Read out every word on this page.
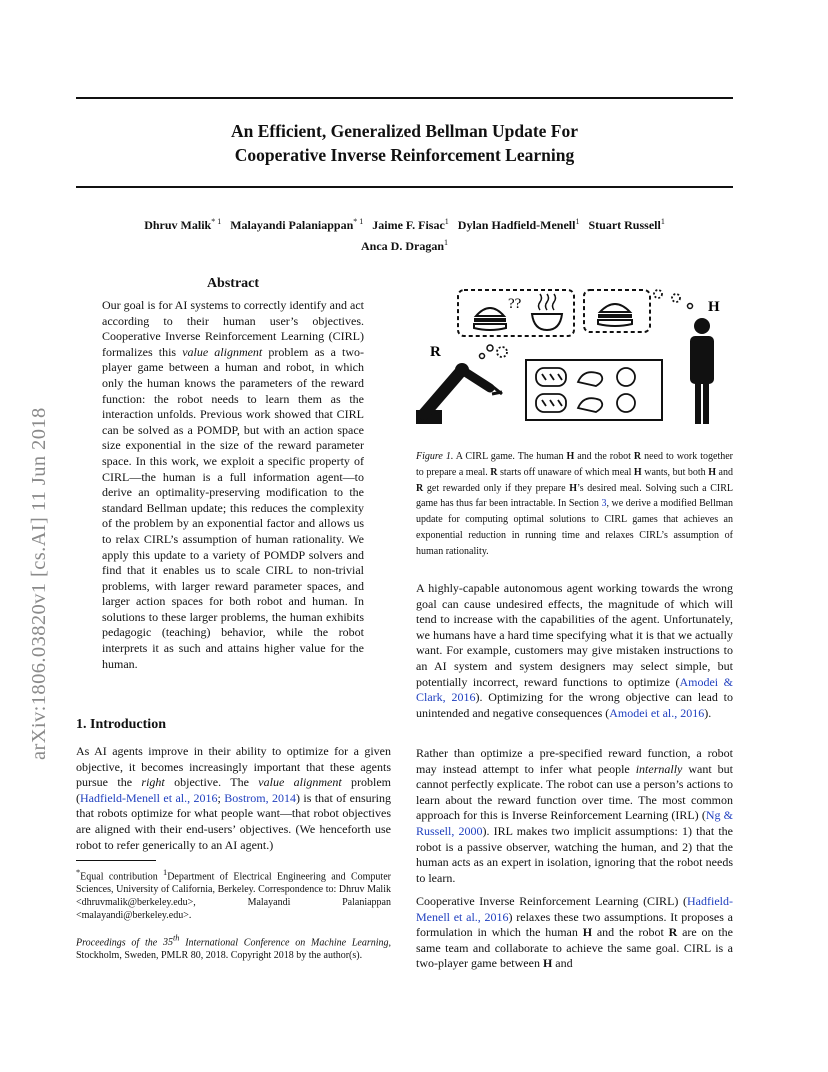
An Efficient, Generalized Bellman Update For
Cooperative Inverse Reinforcement Learning
Dhruv Malik$^{* 1}$ Malayandi Palaniappan$^{* 1}$ Jaime F. Fisac$^1$ Dylan Hadfield-Menell$^1$ Stuart Russell$^1$
Anca D. Dragan$^1$
arXiv:1806.03820v1 [cs.AI] 11 Jun 2018
Abstract
Our goal is for AI systems to correctly identify and act according to their human user’s objectives. Cooperative Inverse Reinforcement Learning (CIRL) formalizes this value alignment problem as a two-player game between a human and robot, in which only the human knows the parameters of the reward function: the robot needs to learn them as the interaction unfolds. Previous work showed that CIRL can be solved as a POMDP, but with an action space size exponential in the size of the reward parameter space. In this work, we exploit a specific property of CIRL—the human is a full information agent—to derive an optimality-preserving modification to the standard Bellman update; this reduces the complexity of the problem by an exponential factor and allows us to relax CIRL’s assumption of human rationality. We apply this update to a variety of POMDP solvers and find that it enables us to scale CIRL to non-trivial problems, with larger reward parameter spaces, and larger action spaces for both robot and human. In solutions to these larger problems, the human exhibits pedagogic (teaching) behavior, while the robot interprets it as such and attains higher value for the human.
1. Introduction
As AI agents improve in their ability to optimize for a given objective, it becomes increasingly important that these agents pursue the right objective. The value alignment problem (Hadfield-Menell et al., 2016; Bostrom, 2014) is that of ensuring that robots optimize for what people want—that robot objectives are aligned with their end-users’ objectives. (We henceforth use robot to refer generically to an AI agent.)
*Equal contribution $^1$Department of Electrical Engineering and Computer Sciences, University of California, Berkeley. Correspondence to: Dhruv Malik <dhruvmalik@berkeley.edu>, Malayandi Palaniappan <malayandi@berkeley.edu>.
Proceedings of the 35th International Conference on Machine Learning, Stockholm, Sweden, PMLR 80, 2018. Copyright 2018 by the author(s).
??	H
R
Figure 1. A CIRL game. The human H and the robot R need to work together to prepare a meal. R starts off unaware of which meal H wants, but both H and R get rewarded only if they prepare H’s desired meal. Solving such a CIRL game has thus far been intractable. In Section 3, we derive a modified Bellman update for computing optimal solutions to CIRL games that achieves an exponential reduction in running time and relaxes CIRL’s assumption of human rationality.
A highly-capable autonomous agent working towards the wrong goal can cause undesired effects, the magnitude of which will tend to increase with the capabilities of the agent. Unfortunately, we humans have a hard time specifying what it is that we actually want. For example, customers may give mistaken instructions to an AI system and system designers may select simple, but potentially incorrect, reward functions to optimize (Amodei & Clark, 2016). Optimizing for the wrong objective can lead to unintended and negative consequences (Amodei et al., 2016).
Rather than optimize a pre-specified reward function, a robot may instead attempt to infer what people internally want but cannot perfectly explicate. The robot can use a person’s actions to learn about the reward function over time. The most common approach for this is Inverse Reinforcement Learning (IRL) (Ng & Russell, 2000). IRL makes two implicit assumptions: 1) that the robot is a passive observer, watching the human, and 2) that the human acts as an expert in isolation, ignoring that the robot needs to learn.
Cooperative Inverse Reinforcement Learning (CIRL) (Hadfield-Menell et al., 2016) relaxes these two assumptions. It proposes a formulation in which the human H and the robot R are on the same team and collaborate to achieve the same goal. CIRL is a two-player game between H and
